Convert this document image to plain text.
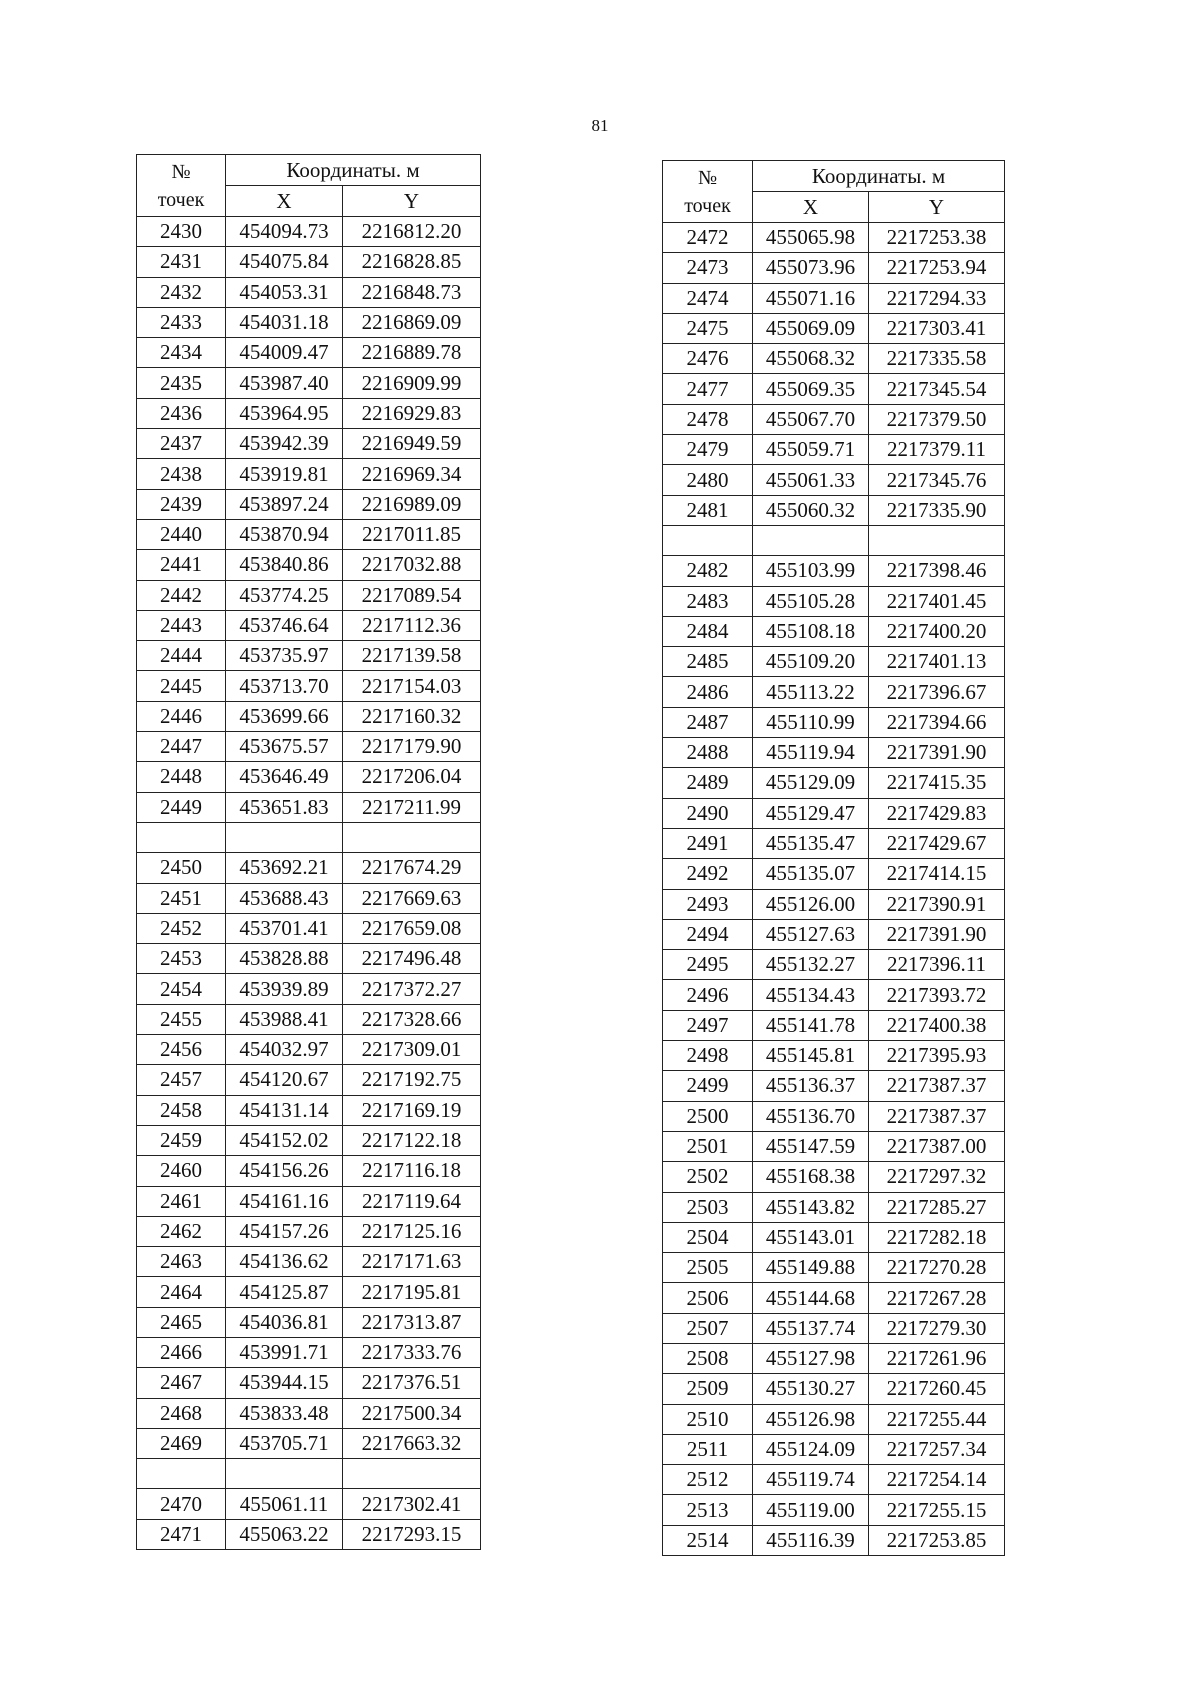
81
№
точек	Координаты. м	
	X	Y
2430	454094.73	2216812.20
2431	454075.84	2216828.85
2432	454053.31	2216848.73
2433	454031.18	2216869.09
2434	454009.47	2216889.78
2435	453987.40	2216909.99
2436	453964.95	2216929.83
2437	453942.39	2216949.59
2438	453919.81	2216969.34
2439	453897.24	2216989.09
2440	453870.94	2217011.85
2441	453840.86	2217032.88
2442	453774.25	2217089.54
2443	453746.64	2217112.36
2444	453735.97	2217139.58
2445	453713.70	2217154.03
2446	453699.66	2217160.32
2447	453675.57	2217179.90
2448	453646.49	2217206.04
2449	453651.83	2217211.99

2450	453692.21	2217674.29
2451	453688.43	2217669.63
2452	453701.41	2217659.08
2453	453828.88	2217496.48
2454	453939.89	2217372.27
2455	453988.41	2217328.66
2456	454032.97	2217309.01
2457	454120.67	2217192.75
2458	454131.14	2217169.19
2459	454152.02	2217122.18
2460	454156.26	2217116.18
2461	454161.16	2217119.64
2462	454157.26	2217125.16
2463	454136.62	2217171.63
2464	454125.87	2217195.81
2465	454036.81	2217313.87
2466	453991.71	2217333.76
2467	453944.15	2217376.51
2468	453833.48	2217500.34
2469	453705.71	2217663.32

2470	455061.11	2217302.41
2471	455063.22	2217293.15
№
точек	Координаты. м	
	X	Y
2472	455065.98	2217253.38
2473	455073.96	2217253.94
2474	455071.16	2217294.33
2475	455069.09	2217303.41
2476	455068.32	2217335.58
2477	455069.35	2217345.54
2478	455067.70	2217379.50
2479	455059.71	2217379.11
2480	455061.33	2217345.76
2481	455060.32	2217335.90

2482	455103.99	2217398.46
2483	455105.28	2217401.45
2484	455108.18	2217400.20
2485	455109.20	2217401.13
2486	455113.22	2217396.67
2487	455110.99	2217394.66
2488	455119.94	2217391.90
2489	455129.09	2217415.35
2490	455129.47	2217429.83
2491	455135.47	2217429.67
2492	455135.07	2217414.15
2493	455126.00	2217390.91
2494	455127.63	2217391.90
2495	455132.27	2217396.11
2496	455134.43	2217393.72
2497	455141.78	2217400.38
2498	455145.81	2217395.93
2499	455136.37	2217387.37
2500	455136.70	2217387.37
2501	455147.59	2217387.00
2502	455168.38	2217297.32
2503	455143.82	2217285.27
2504	455143.01	2217282.18
2505	455149.88	2217270.28
2506	455144.68	2217267.28
2507	455137.74	2217279.30
2508	455127.98	2217261.96
2509	455130.27	2217260.45
2510	455126.98	2217255.44
2511	455124.09	2217257.34
2512	455119.74	2217254.14
2513	455119.00	2217255.15
2514	455116.39	2217253.85
